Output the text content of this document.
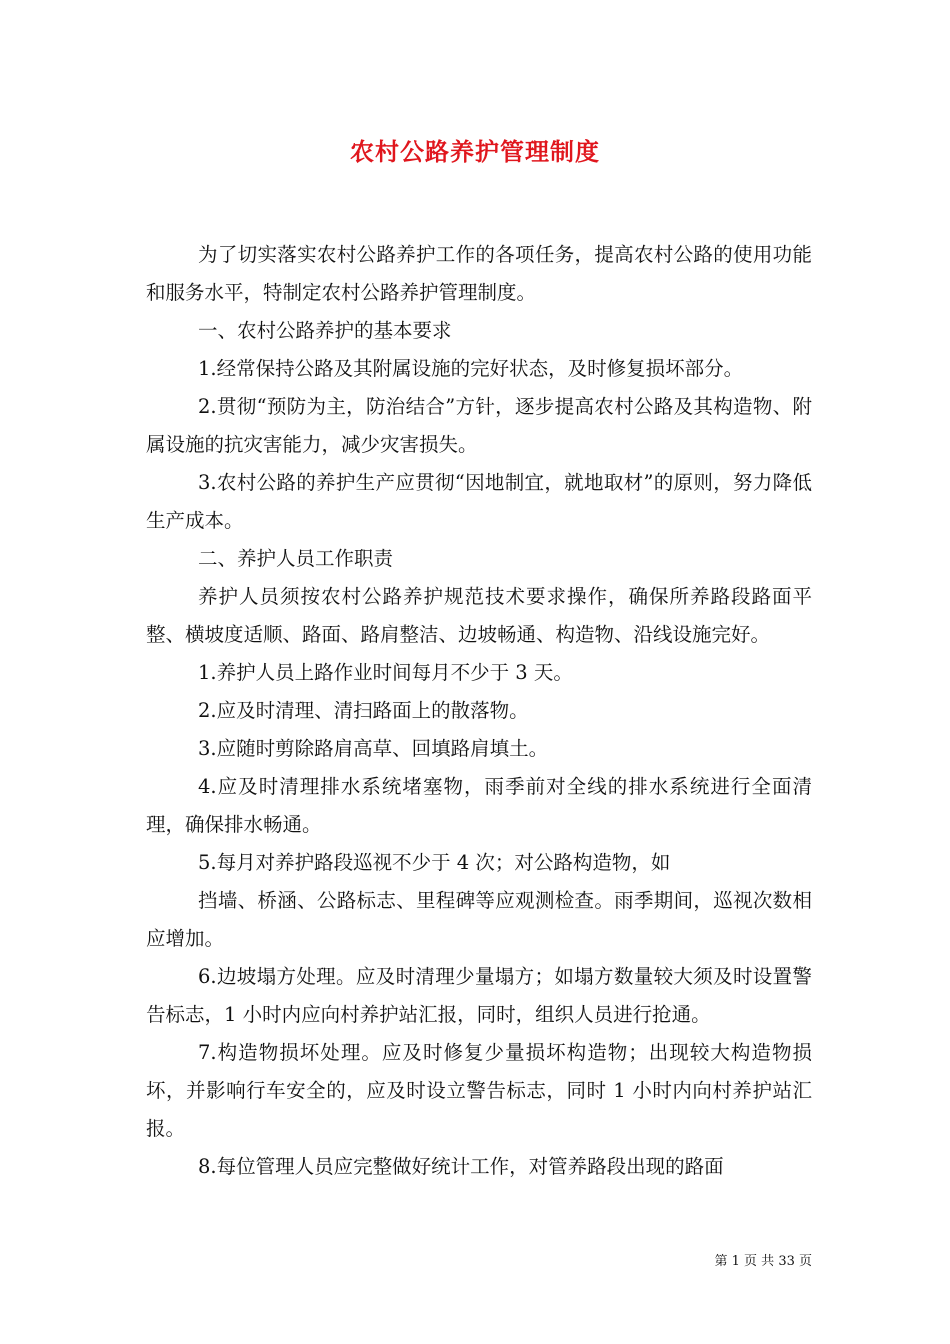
农村公路养护管理制度

为了切实落实农村公路养护工作的各项任务，提高农村公路的使用功能和服务水平，特制定农村公路养护管理制度。

一、农村公路养护的基本要求

1.经常保持公路及其附属设施的完好状态，及时修复损坏部分。

2.贯彻“预防为主，防治结合”方针，逐步提高农村公路及其构造物、附属设施的抗灾害能力，减少灾害损失。

3.农村公路的养护生产应贯彻“因地制宜，就地取材”的原则，努力降低生产成本。

二、养护人员工作职责

养护人员须按农村公路养护规范技术要求操作，确保所养路段路面平整、横坡度适顺、路面、路肩整洁、边坡畅通、构造物、沿线设施完好。

1.养护人员上路作业时间每月不少于 3 天。

2.应及时清理、清扫路面上的散落物。

3.应随时剪除路肩高草、回填路肩填土。

4.应及时清理排水系统堵塞物，雨季前对全线的排水系统进行全面清理，确保排水畅通。

5.每月对养护路段巡视不少于 4 次；对公路构造物，如

挡墙、桥涵、公路标志、里程碑等应观测检查。雨季期间，巡视次数相应增加。

6.边坡塌方处理。应及时清理少量塌方；如塌方数量较大须及时设置警告标志，1 小时内应向村养护站汇报，同时，组织人员进行抢通。

7.构造物损坏处理。应及时修复少量损坏构造物；出现较大构造物损坏，并影响行车安全的，应及时设立警告标志，同时 1 小时内向村养护站汇报。

8.每位管理人员应完整做好统计工作，对管养路段出现的路面

第 1 页 共 33 页
